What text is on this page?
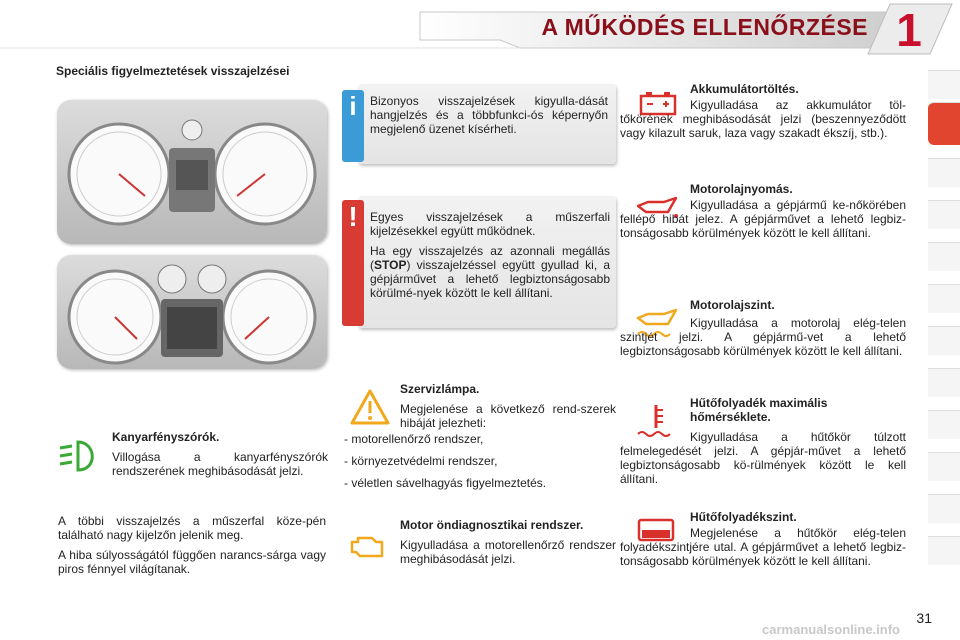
A MŰKÖDÉS ELLENŐRZÉSE 1
Speciális figyelmeztetések visszajelzései
i	Bizonyos visszajelzések kigyulla-dását hangjelzés és a többfunkci-ós képernyőn megjelenő üzenet kísérheti.

!	Egyes visszajelzések a műszerfali kijelzésekkel együtt működnek.

Ha egy visszajelzés az azonnali megállás (STOP) visszajelzéssel együtt gyullad ki, a gépjárművet a lehető legbiztonságosabb körülmé-nyek között le kell állítani.

Kanyarfényszórók.

Villogása a kanyarfényszórók rendszerének meghibásodását jelzi.

A többi visszajelzés a műszerfal köze-pén található nagy kijelzőn jelenik meg.

A hiba súlyosságától függően narancs-sárga vagy piros fénnyel világítanak.

Szervizlámpa.

Megjelenése a következő rend-szerek hibáját jelezheti:

- motorellenőrző rendszer,
- környezetvédelmi rendszer,
- véletlen sávelhagyás figyelmeztetés.

Motor öndiagnosztikai rendszer.

Kigyulladása a motorellenőrző rendszer meghibásodását jelzi.

Akkumulátortöltés.

Kigyulladása az akkumulátor töl-tőkörének meghibásodását jelzi (beszennyeződött vagy kilazult saruk, laza vagy szakadt ékszíj, stb.).

Motorolajnyomás.

Kigyulladása a gépjármű ke-nőkörében fellépő hibát jelez. A gépjárművet a lehető legbiz-tonságosabb körülmények között le kell állítani.

Motorolajszint.

Kigyulladása a motorolaj elég-telen szintjét jelzi. A gépjármű-vet a lehető legbiztonságosabb körülmények között le kell állítani.

Hűtőfolyadék maximális hőmérséklete.

Kigyulladása a hűtőkör túlzott felmelegedését jelzi. A gépjár-művet a lehető legbiztonságosabb kö-rülmények között le kell állítani.

Hűtőfolyadékszint.

Megjelenése a hűtőkör elég-telen folyadékszintjére utal. A gépjárművet a lehető legbiz-tonságosabb körülmények között le kell állítani.

31
carmanualsonline.info
